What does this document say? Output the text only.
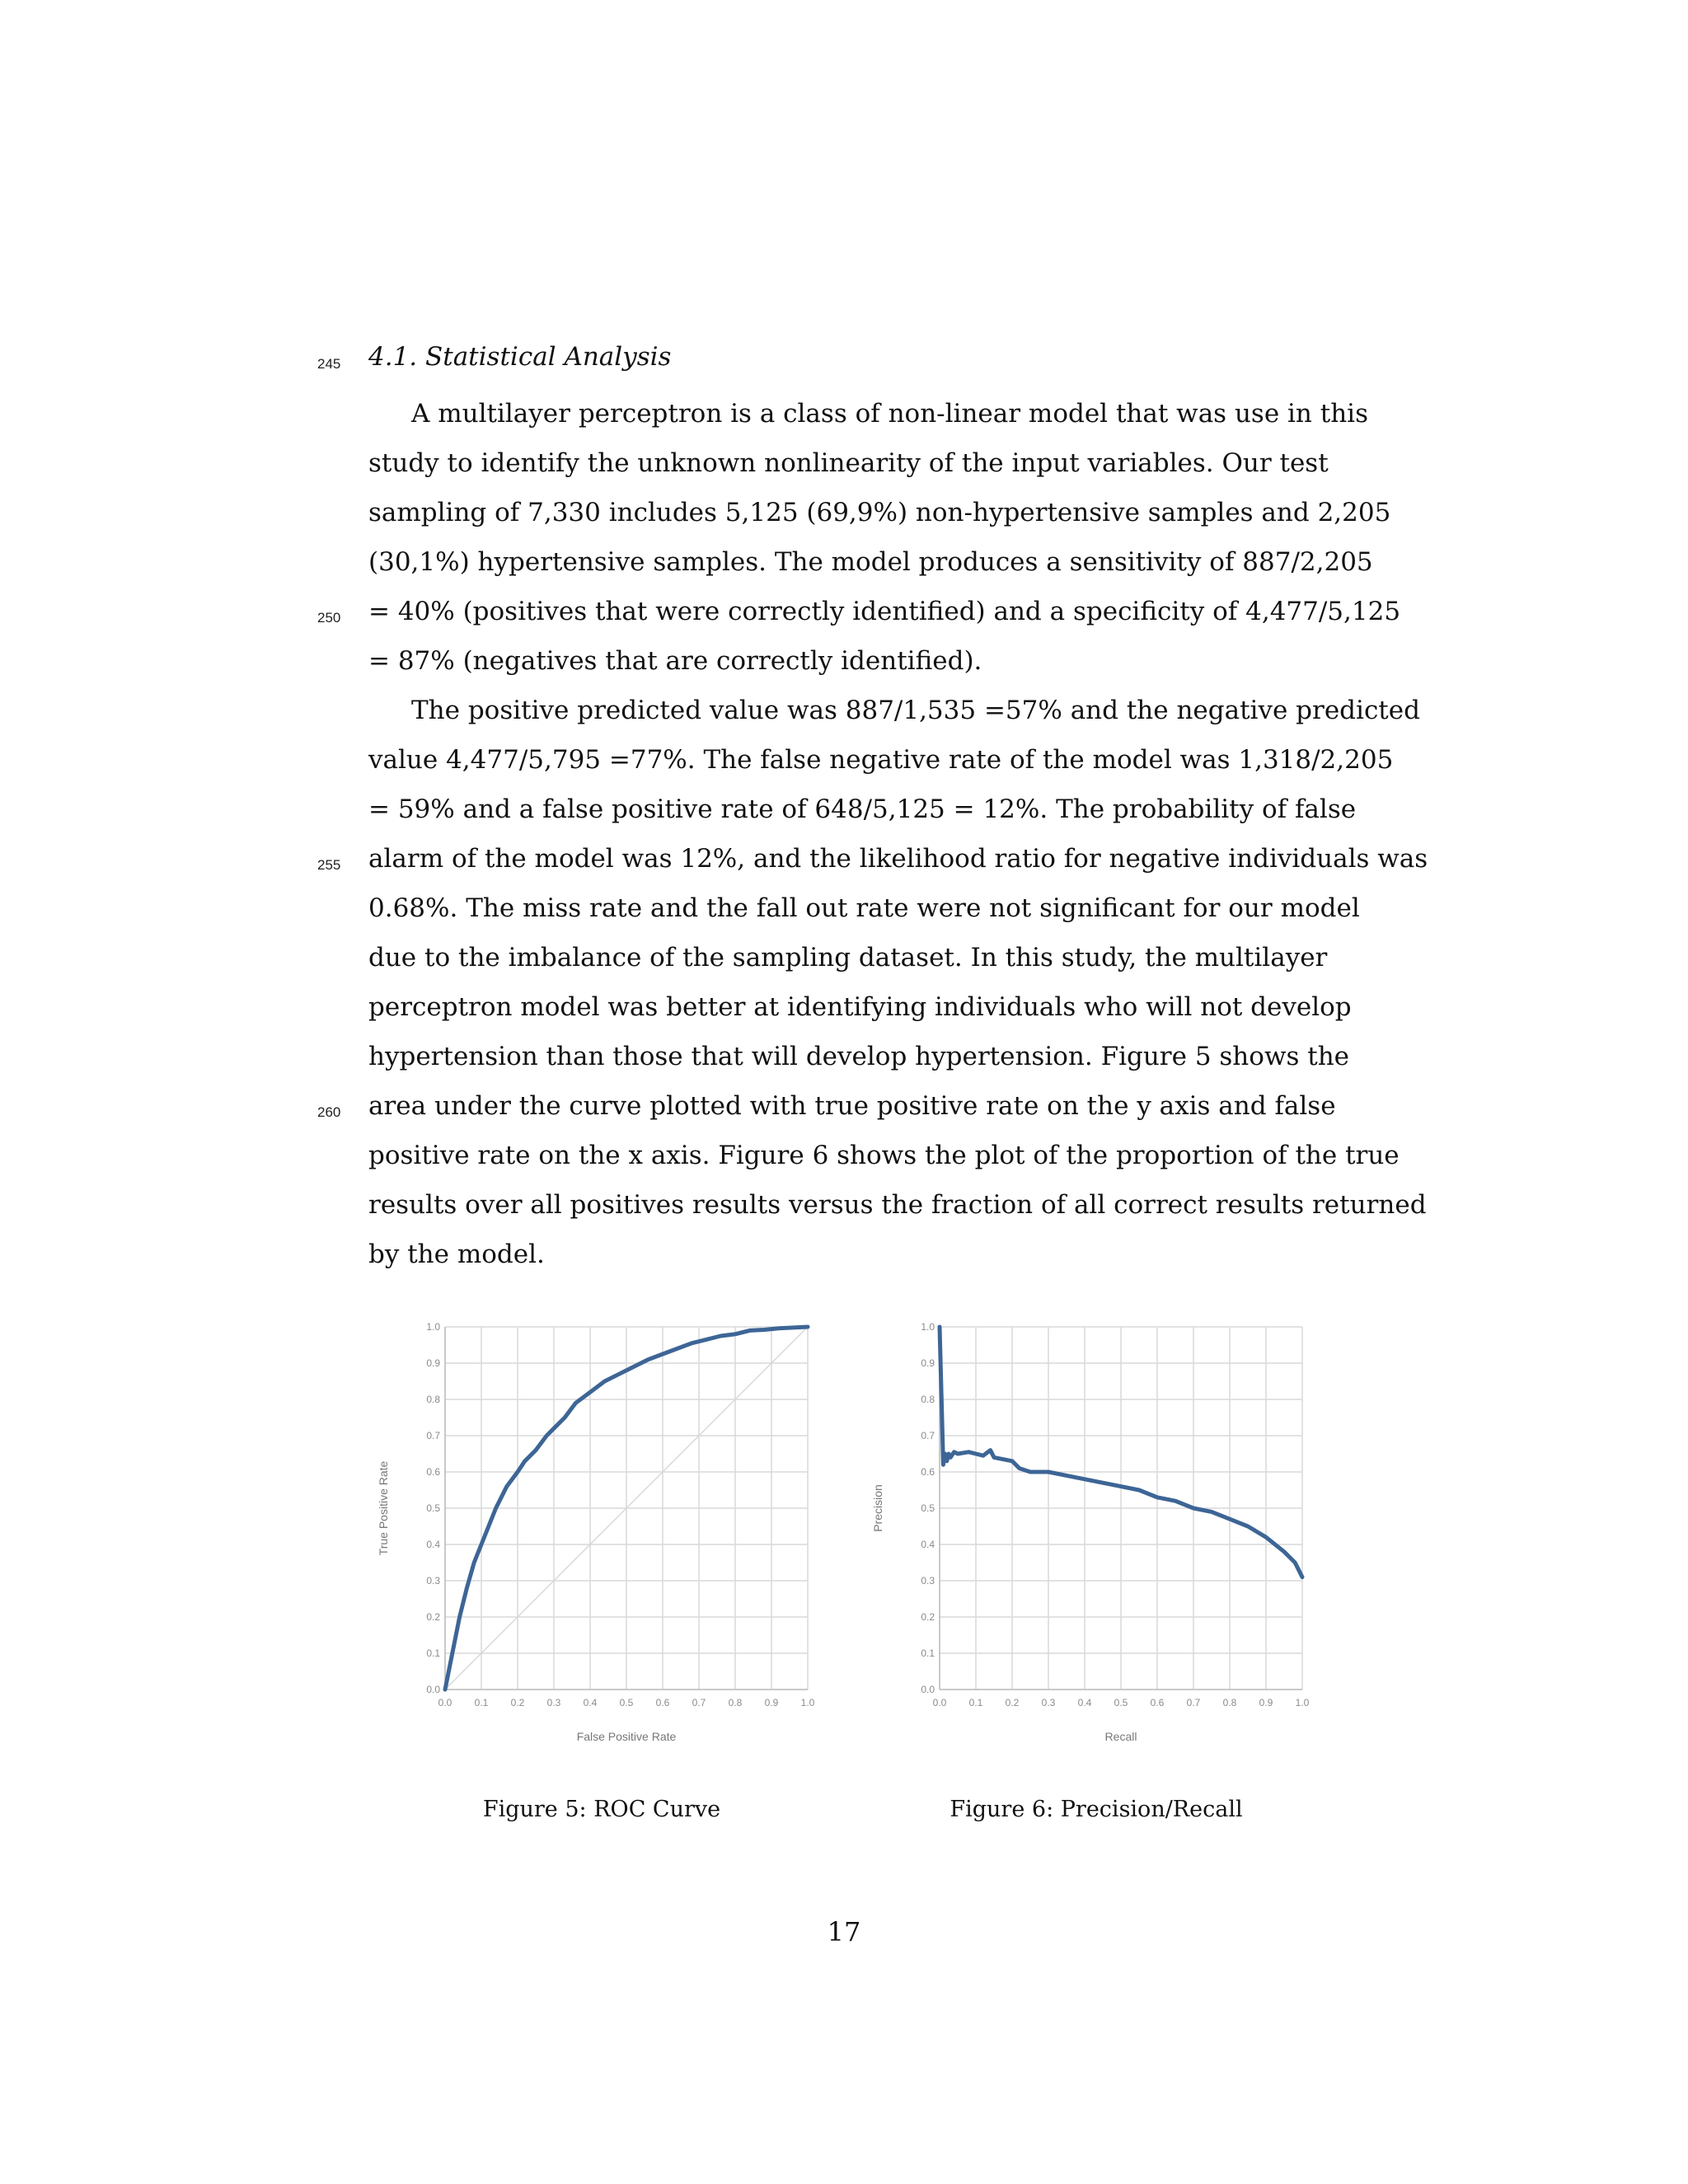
245
250
255
260
4.1. Statistical Analysis
A multilayer perceptron is a class of non-linear model that was use in this
study to identify the unknown nonlinearity of the input variables. Our test
sampling of 7,330 includes 5,125 (69,9%) non-hypertensive samples and 2,205
(30,1%) hypertensive samples. The model produces a sensitivity of 887/2,205
= 40% (positives that were correctly identified) and a specificity of 4,477/5,125
= 87% (negatives that are correctly identified).
The positive predicted value was 887/1,535 =57% and the negative predicted
value 4,477/5,795 =77%. The false negative rate of the model was 1,318/2,205
= 59% and a false positive rate of 648/5,125 = 12%. The probability of false
alarm of the model was 12%, and the likelihood ratio for negative individuals was
0.68%. The miss rate and the fall out rate were not significant for our model
due to the imbalance of the sampling dataset. In this study, the multilayer
perceptron model was better at identifying individuals who will not develop
hypertension than those that will develop hypertension. Figure 5 shows the
area under the curve plotted with true positive rate on the y axis and false
positive rate on the x axis. Figure 6 shows the plot of the proportion of the true
results over all positives results versus the fraction of all correct results returned
by the model.
0.0 0.1 0.2 0.3 0.4 0.5 0.6 0.7 0.8 0.9 1.0
0.0
0.1
0.2
0.3
0.4
0.5
0.6
0.7
0.8
0.9
1.0
False Positive Rate
True Positive Rate
Figure 5: ROC Curve
0.0 0.1 0.2 0.3 0.4 0.5 0.6 0.7 0.8 0.9 1.0
0.0
0.1
0.2
0.3
0.4
0.5
0.6
0.7
0.8
0.9
1.0
Recall
Precision
Figure 6: Precision/Recall
17
